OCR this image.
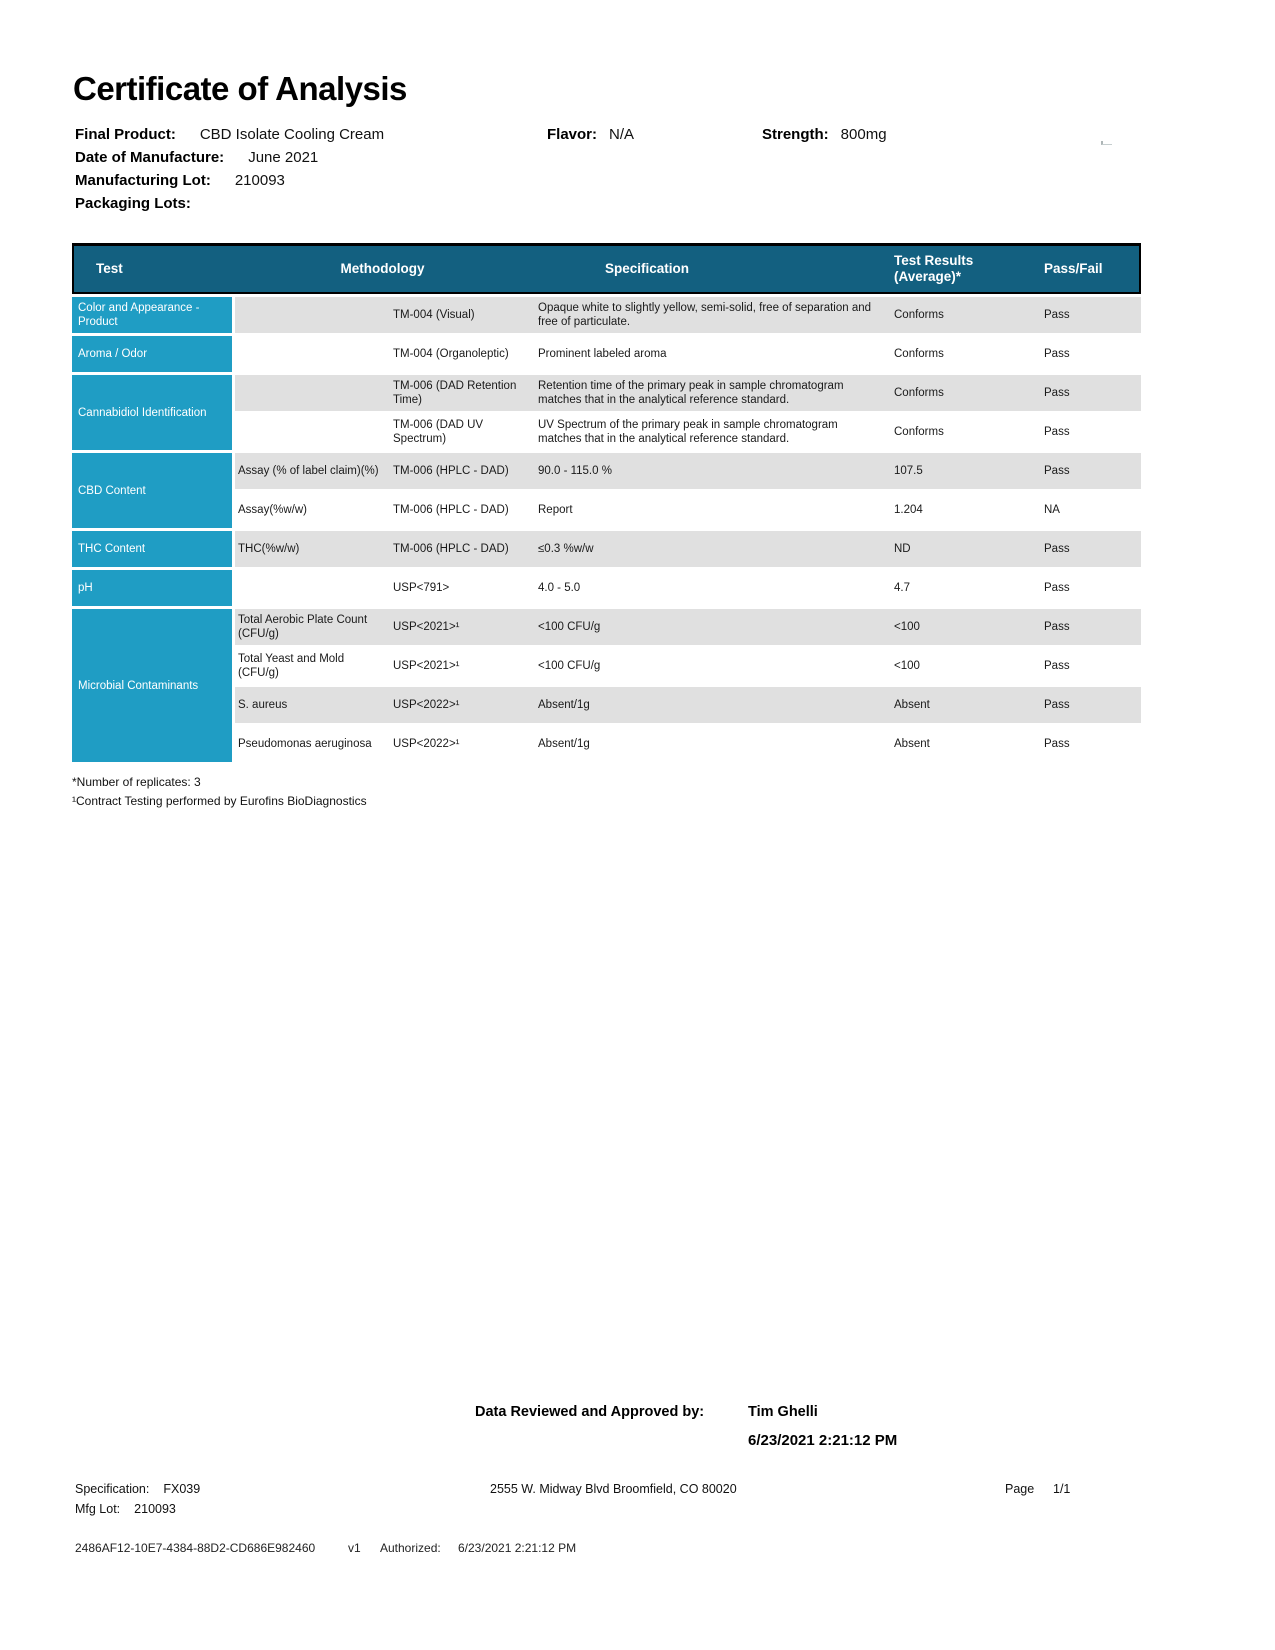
Certificate of Analysis
Final Product: CBD Isolate Cooling Cream	Flavor: N/A	Strength: 800mg
Date of Manufacture: June 2021
Manufacturing Lot: 210093
Packaging Lots:
Test	Methodology		Specification	Test Results (Average)*	Pass/Fail
Color and Appearance - Product		TM-004 (Visual)	Opaque white to slightly yellow, semi-solid, free of separation and free of particulate.	Conforms	Pass
Aroma / Odor		TM-004 (Organoleptic)	Prominent labeled aroma	Conforms	Pass
Cannabidiol Identification		TM-006 (DAD Retention Time)	Retention time of the primary peak in sample chromatogram matches that in the analytical reference standard.	Conforms	Pass
		TM-006 (DAD UV Spectrum)	UV Spectrum of the primary peak in sample chromatogram matches that in the analytical reference standard.	Conforms	Pass
CBD Content	Assay (% of label claim)(%)	TM-006 (HPLC - DAD)	90.0 - 115.0 %	107.5	Pass
	Assay(%w/w)	TM-006 (HPLC - DAD)	Report	1.204	NA
THC Content	THC(%w/w)	TM-006 (HPLC - DAD)	≤0.3 %w/w	ND	Pass
pH		USP<791>	4.0 - 5.0	4.7	Pass
Microbial Contaminants	Total Aerobic Plate Count (CFU/g)	USP<2021>¹	<100 CFU/g	<100	Pass
	Total Yeast and Mold (CFU/g)	USP<2021>¹	<100 CFU/g	<100	Pass
	S. aureus	USP<2022>¹	Absent/1g	Absent	Pass
	Pseudomonas aeruginosa	USP<2022>¹	Absent/1g	Absent	Pass
*Number of replicates: 3
¹Contract Testing performed by Eurofins BioDiagnostics
Data Reviewed and Approved by:	Tim Ghelli
6/23/2021 2:21:12 PM
Specification: FX039
Mfg Lot: 210093
2555 W. Midway Blvd Broomfield, CO 80020	Page 1/1
2486AF12-10E7-4384-88D2-CD686E982460	v1 Authorized: 6/23/2021 2:21:12 PM
